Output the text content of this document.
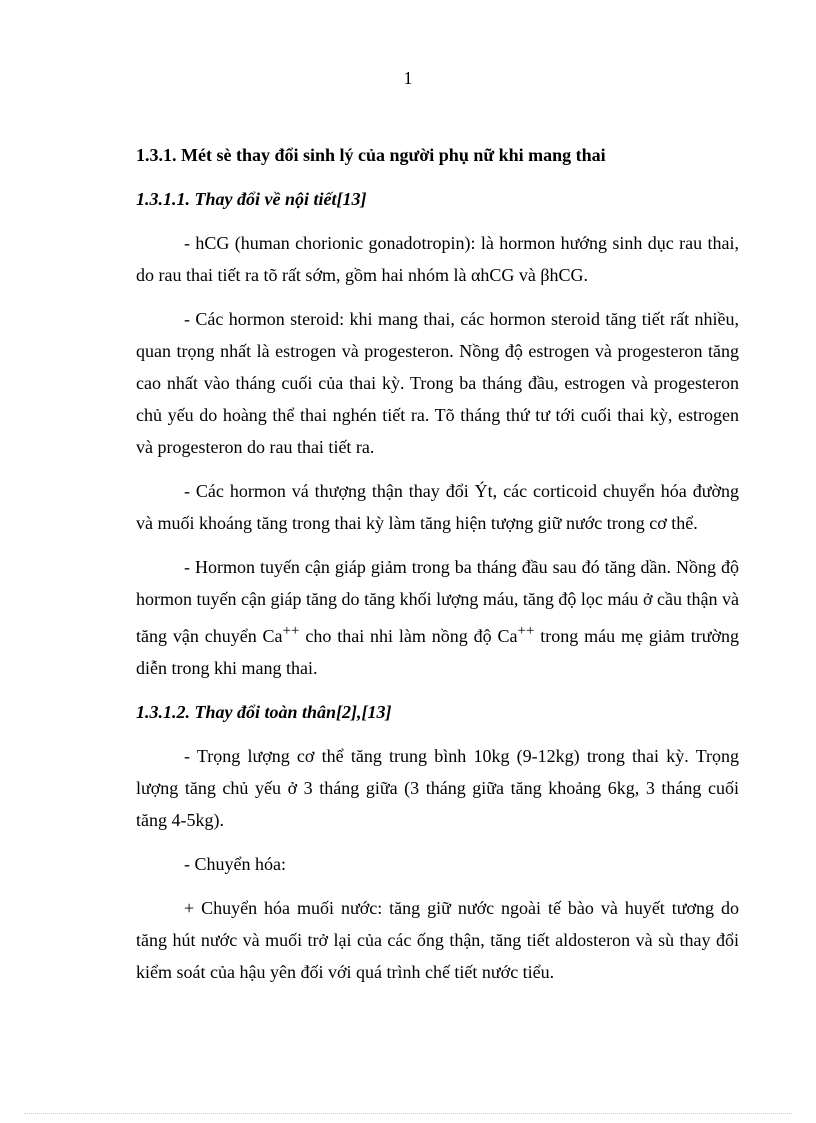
1
1.3.1. Mét sè thay đổi sinh lý của người phụ nữ khi mang thai
1.3.1.1. Thay đổi về nội tiết[13]

- hCG (human chorionic gonadotropin): là hormon hướng sinh dục rau thai, do rau thai tiết ra tõ rất sớm, gồm hai nhóm là αhCG và βhCG.

- Các hormon steroid: khi mang thai, các hormon steroid tăng tiết rất nhiều, quan trọng nhất là estrogen và progesteron. Nồng độ estrogen và progesteron tăng cao nhất vào tháng cuối của thai kỳ. Trong ba tháng đầu, estrogen và progesteron chủ yếu do hoàng thể thai nghén tiết ra. Tõ tháng thứ tư tới cuối thai kỳ, estrogen và progesteron do rau thai tiết ra.

- Các hormon vá thượng thận thay đổi Ýt, các corticoid chuyển hóa đường và muối khoáng tăng trong thai kỳ làm tăng hiện tượng giữ nước trong cơ thể.

- Hormon tuyến cận giáp giảm trong ba tháng đầu sau đó tăng dần. Nồng độ hormon tuyến cận giáp tăng do tăng khối lượng máu, tăng độ lọc máu ở cầu thận và tăng vận chuyển Ca++ cho thai nhi làm nồng độ Ca++ trong máu mẹ giảm trường diễn trong khi mang thai.

1.3.1.2. Thay đổi toàn thân[2],[13]

- Trọng lượng cơ thể tăng trung bình 10kg (9-12kg) trong thai kỳ. Trọng lượng tăng chủ yếu ở 3 tháng giữa (3 tháng giữa tăng khoảng 6kg, 3 tháng cuối tăng 4-5kg).

- Chuyển hóa:

+ Chuyển hóa muối nước: tăng giữ nước ngoài tế bào và huyết tương do tăng hút nước và muối trở lại của các ống thận, tăng tiết aldosteron và sù thay đổi kiểm soát của hậu yên đối với quá trình chế tiết nước tiểu.
